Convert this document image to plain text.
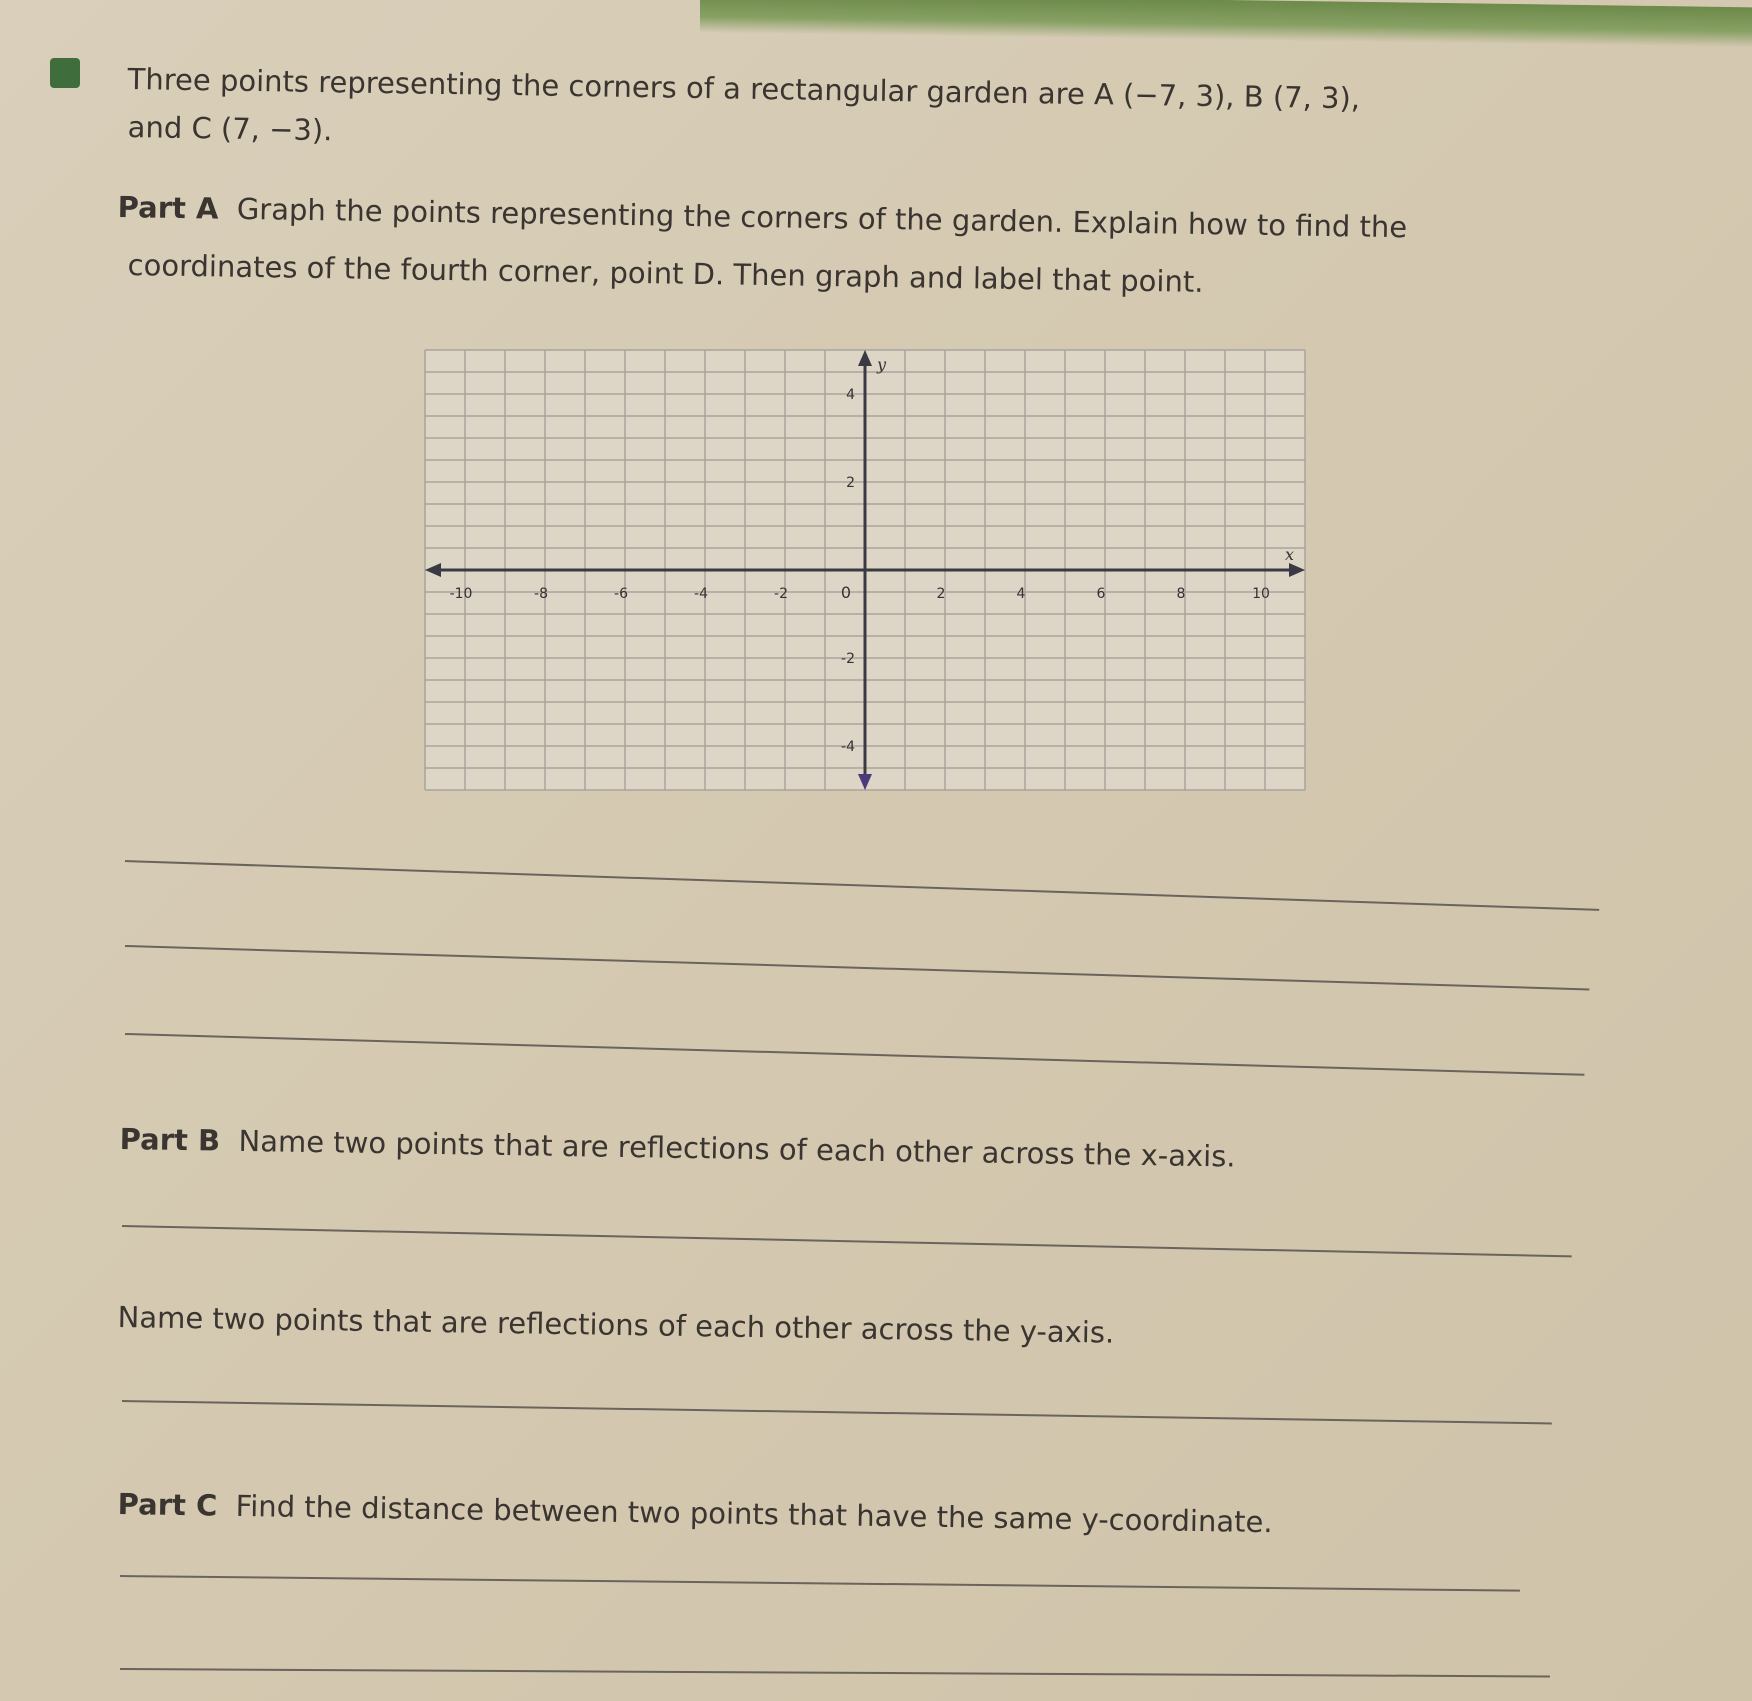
Three points representing the corners of a rectangular garden are A (−7, 3), B (7, 3),
and C (7, −3).
Part A Graph the points representing the corners of the garden. Explain how to find the
coordinates of the fourth corner, point D. Then graph and label that point.
-10	-8	-6	-4	-2	2	4	6	8	10
4
2
-2
-4
0
x
y
Part B Name two points that are reflections of each other across the x-axis.
Name two points that are reflections of each other across the y-axis.
Part C Find the distance between two points that have the same y-coordinate.
